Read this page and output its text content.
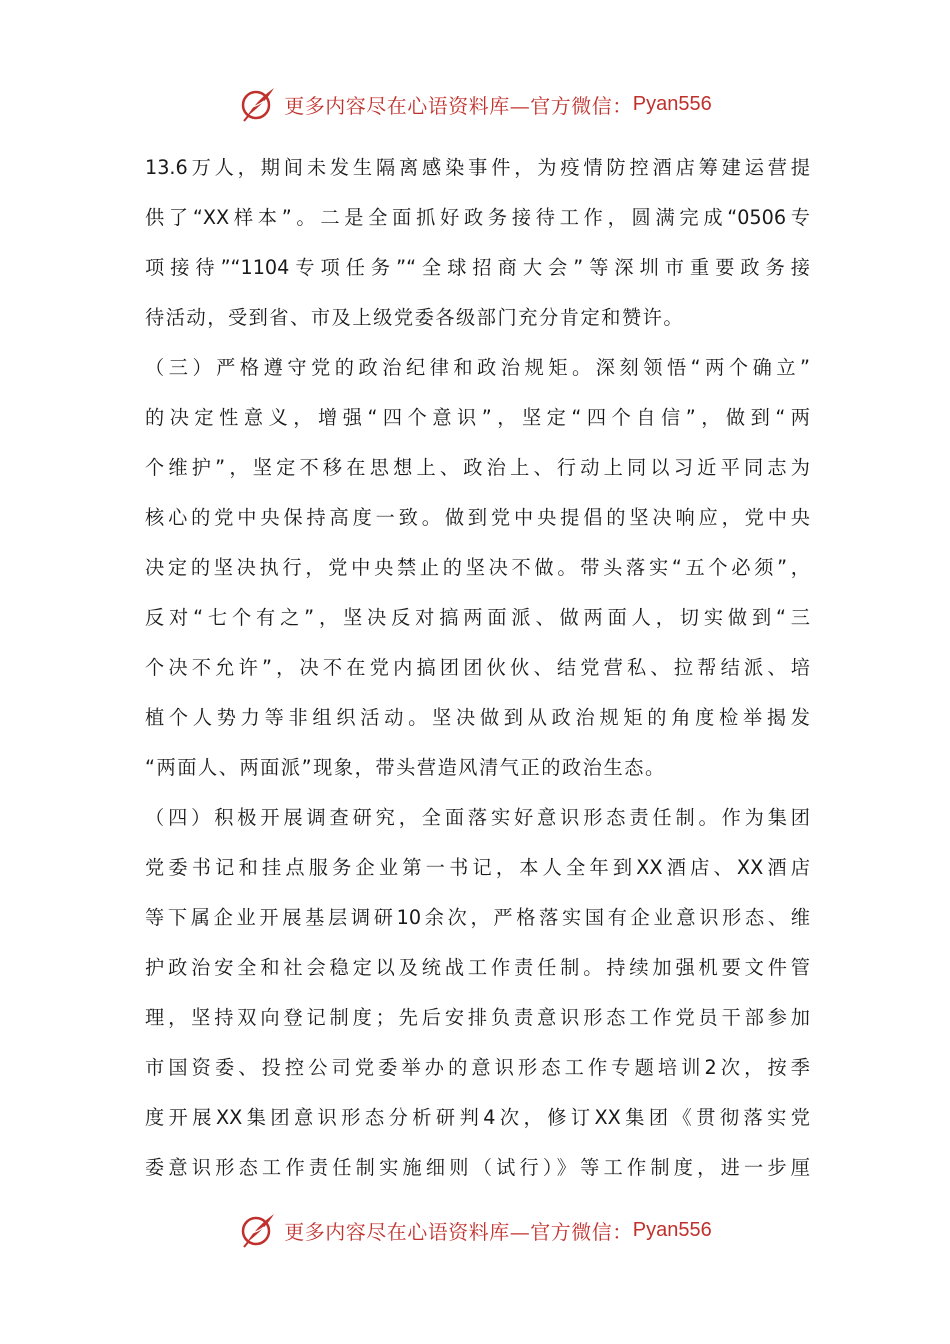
更多内容尽在心语资料库—官方微信： Pyan556
13.6万人，期间未发生隔离感染事件，为疫情防控酒店筹建运营提
供了“XX样本”。二是全面抓好政务接待工作，圆满完成“0506专
项接待”“1104专项任务”“全球招商大会”等深圳市重要政务接
待活动，受到省、市及上级党委各级部门充分肯定和赞许。
（三）严格遵守党的政治纪律和政治规矩。深刻领悟“两个确立”
的决定性意义，增强“四个意识”，坚定“四个自信”，做到“两
个维护”，坚定不移在思想上、政治上、行动上同以习近平同志为
核心的党中央保持高度一致。做到党中央提倡的坚决响应，党中央
决定的坚决执行，党中央禁止的坚决不做。带头落实“五个必须”，
反对“七个有之”，坚决反对搞两面派、做两面人，切实做到“三
个决不允许”，决不在党内搞团团伙伙、结党营私、拉帮结派、培
植个人势力等非组织活动。坚决做到从政治规矩的角度检举揭发
“两面人、两面派”现象，带头营造风清气正的政治生态。
（四）积极开展调查研究，全面落实好意识形态责任制。作为集团
党委书记和挂点服务企业第一书记，本人全年到XX酒店、XX酒店
等下属企业开展基层调研10余次，严格落实国有企业意识形态、维
护政治安全和社会稳定以及统战工作责任制。持续加强机要文件管
理，坚持双向登记制度；先后安排负责意识形态工作党员干部参加
市国资委、投控公司党委举办的意识形态工作专题培训2次，按季
度开展XX集团意识形态分析研判4次，修订XX集团《贯彻落实党
委意识形态工作责任制实施细则（试行）》等工作制度，进一步厘
更多内容尽在心语资料库—官方微信： Pyan556
